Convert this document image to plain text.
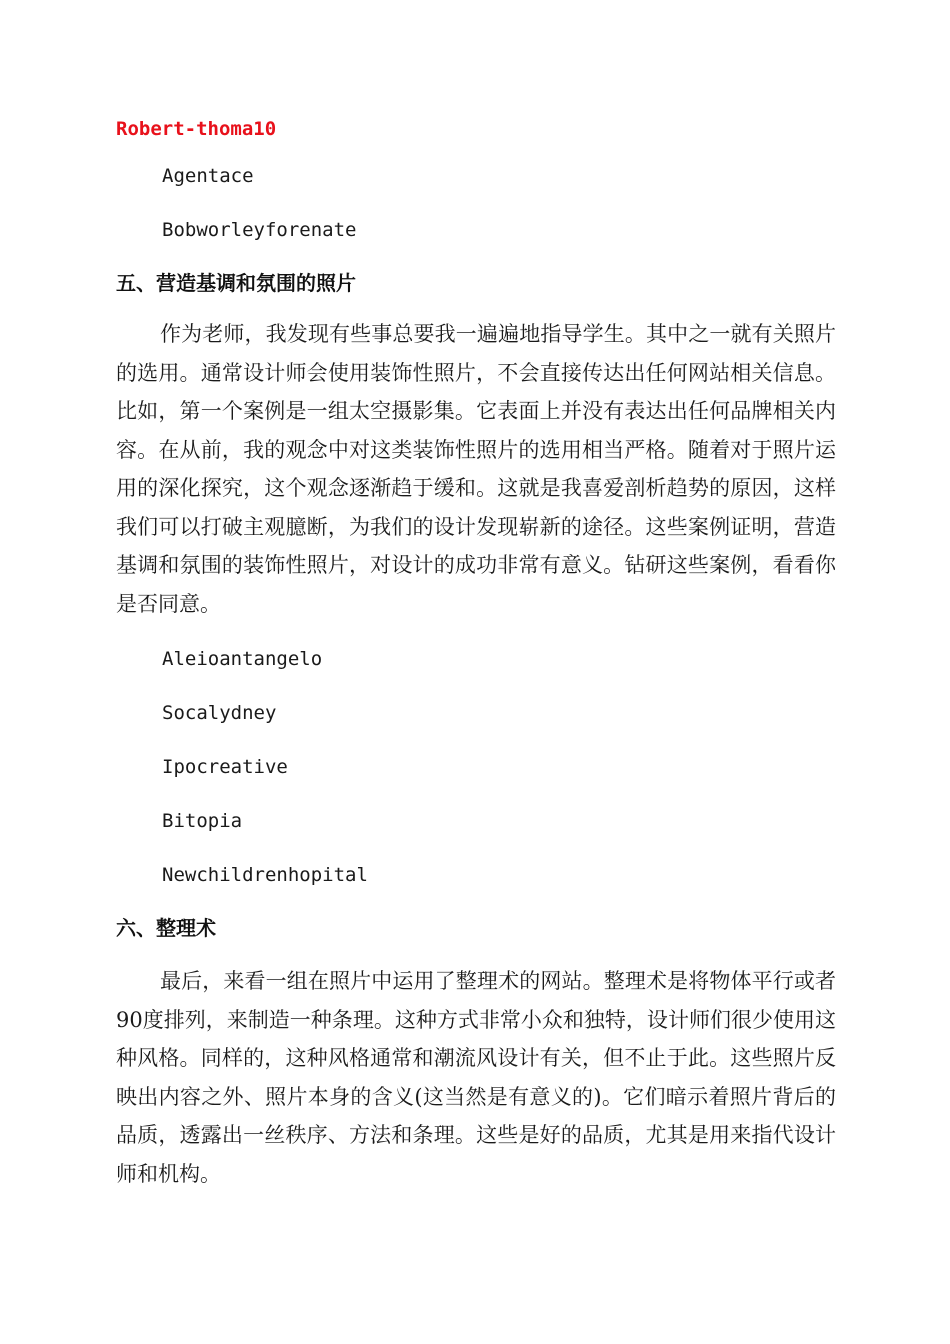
Robert-thoma10
Agentace
Bobworleyforenate
五、营造基调和氛围的照片

作为老师，我发现有些事总要我一遍遍地指导学生。其中之一就有关照片的选用。通常设计师会使用装饰性照片，不会直接传达出任何网站相关信息。比如，第一个案例是一组太空摄影集。它表面上并没有表达出任何品牌相关内容。在从前，我的观念中对这类装饰性照片的选用相当严格。随着对于照片运用的深化探究，这个观念逐渐趋于缓和。这就是我喜爱剖析趋势的原因，这样我们可以打破主观臆断，为我们的设计发现崭新的途径。这些案例证明，营造基调和氛围的装饰性照片，对设计的成功非常有意义。钻研这些案例，看看你是否同意。

Aleioantangelo
Socalydney
Ipocreative
Bitopia
Newchildrenhopital
六、整理术

最后，来看一组在照片中运用了整理术的网站。整理术是将物体平行或者90度排列，来制造一种条理。这种方式非常小众和独特，设计师们很少使用这种风格。同样的，这种风格通常和潮流风设计有关，但不止于此。这些照片反映出内容之外、照片本身的含义(这当然是有意义的)。它们暗示着照片背后的品质，透露出一丝秩序、方法和条理。这些是好的品质，尤其是用来指代设计师和机构。
